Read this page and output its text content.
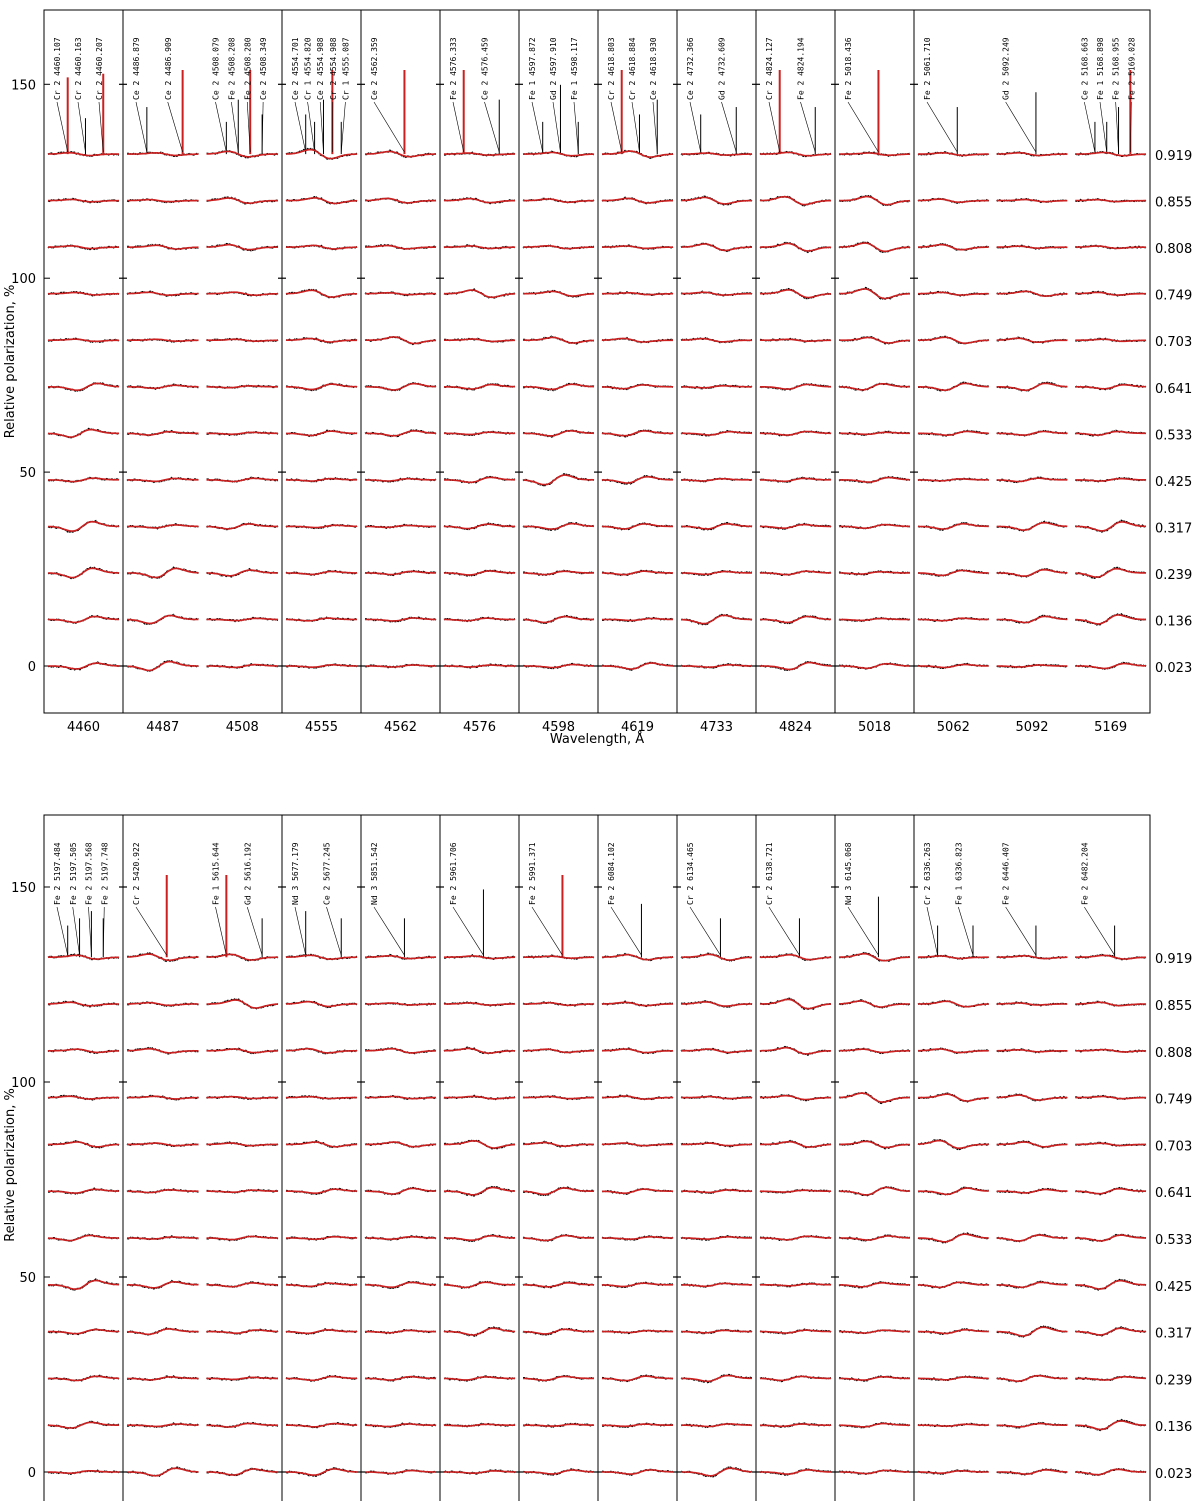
0
50
100
150
Relative polarization, %
Wavelength, Å
0.023
0.136
0.239
0.317
0.425
0.533
0.641
0.703
0.749
0.808
0.855
0.919
4460
Cr 2 4460.107 Cr 2 4460.163 Cr 2 4460.207
4487
Ce 2 4486.879	Ce 2 4486.909
4508
Ce 2 4508.079 Fe 2 4508.208 Fe 2 4508.280 Ce 2 4508.349
4555
Ce 2 4554.701 Cr 1 4554.820 Ce 2 4554.988 Cr 2 4554.988 Cr 1 4555.087
4562
Ce 2 4562.359
4576
Fe 2 4576.333	Ce 2 4576.459
4598
Fe 1 4597.872 Gd 2 4597.910 Fe 1 4598.117
4619
Cr 2 4618.803 Cr 2 4618.884 Ce 2 4618.930
4733
Ce 2 4732.366	Gd 2 4732.609
4824
Cr 2 4824.127	Fe 2 4824.194
5018
Fe 2 5018.436
5062
Fe 2 5061.710
5092
Gd 2 5092.249
5169
Ce 2 5168.663 Fe 1 5168.898 Fe 2 5168.955 Fe 2 5169.028
0
50
100
150
Relative polarization, %
0.023
0.136
0.239
0.317
0.425
0.533
0.641
0.703
0.749
0.808
0.855
0.919
Fe 2 5197.484 Fe 2 5197.505 Fe 2 5197.568 Fe 2 5197.748	Cr 2 5420.922	Fe 1 5615.644	Gd 2 5616.192	Nd 3 5677.179	Ce 2 5677.245	Nd 3 5851.542	Fe 2 5961.706	Fe 2 5991.371	Fe 2 6084.102	Cr 2 6134.465	Cr 2 6138.721	Nd 3 6145.068	Cr 2 6336.263	Fe 1 6336.823	Fe 2 6446.407	Fe 2 6482.204
